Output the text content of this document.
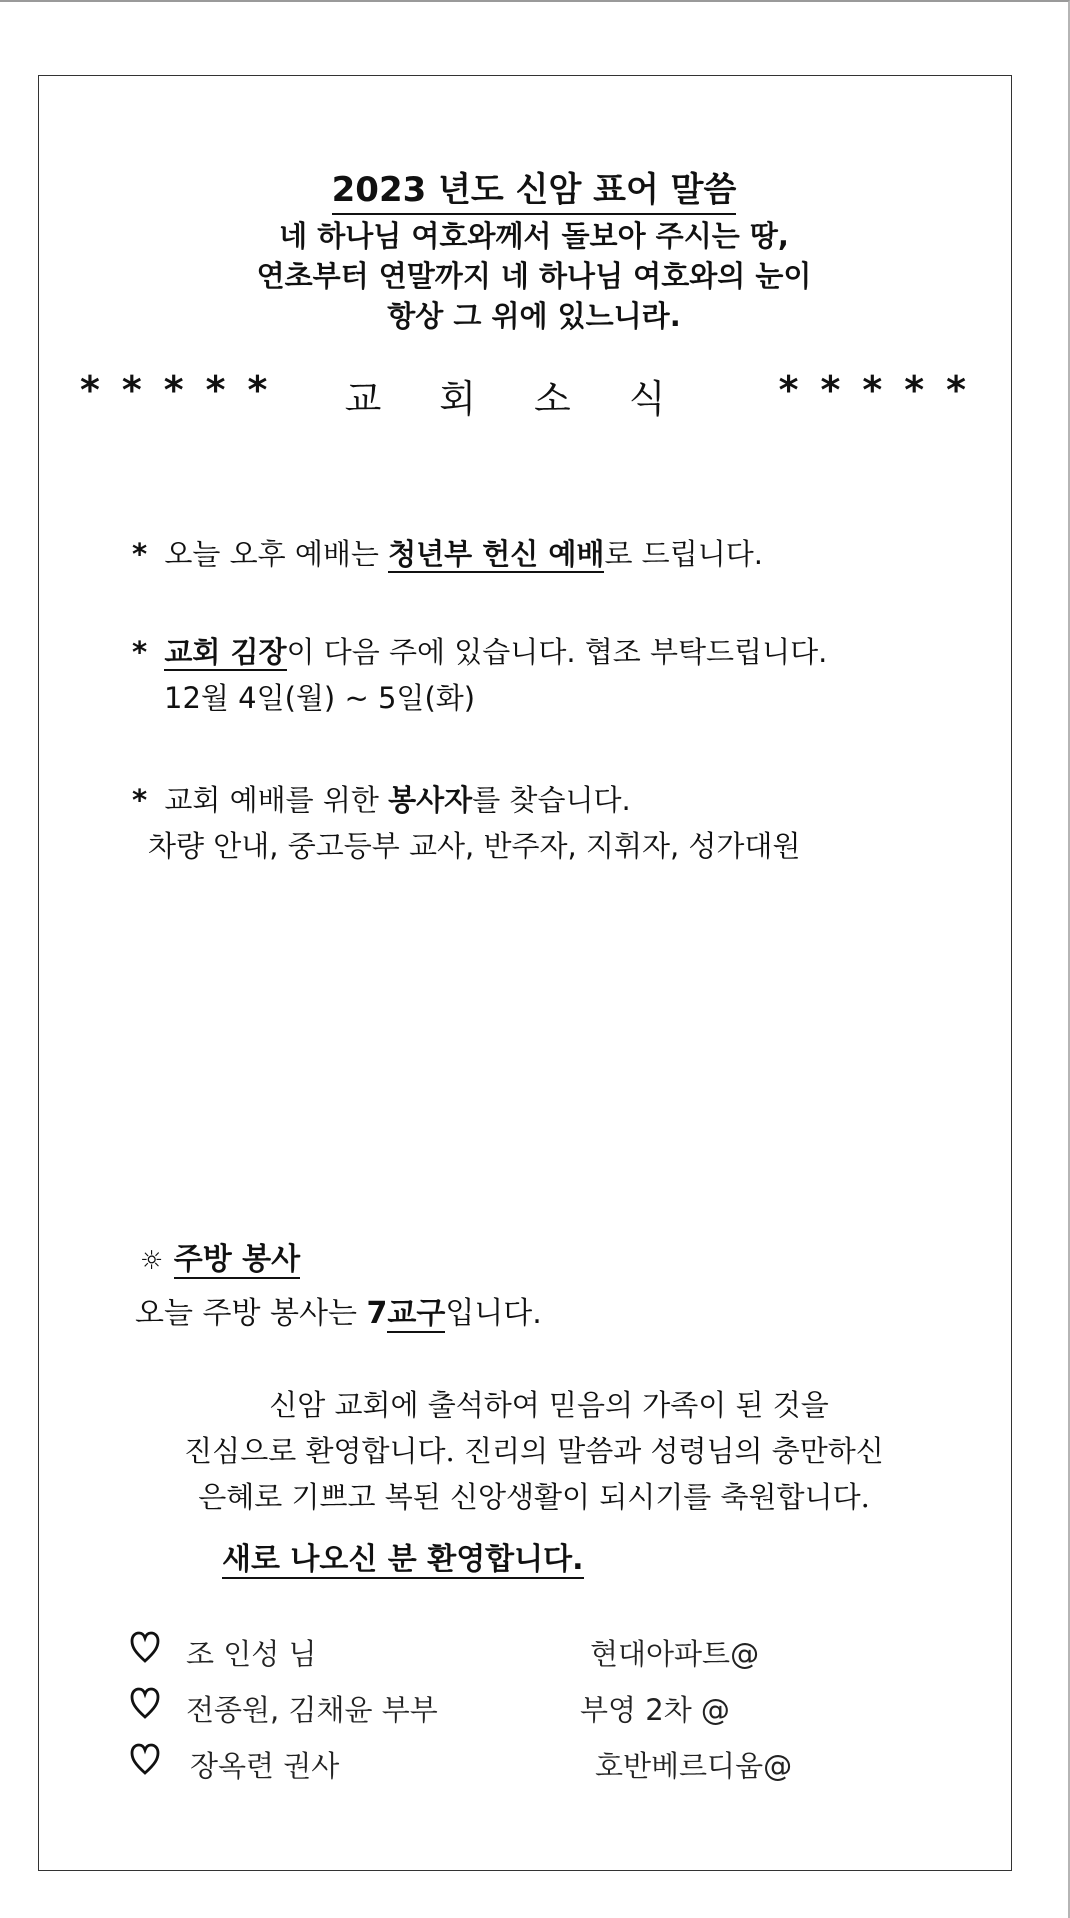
2023 년도 신암 표어 말씀
네 하나님 여호와께서 돌보아 주시는 땅,
연초부터 연말까지 네 하나님 여호와의 눈이
항상 그 위에 있느니라.
***** 교회소식 *****
* 오늘 오후 예배는 청년부 헌신 예배로 드립니다.
* 교회 김장이 다음 주에 있습니다. 협조 부탁드립니다.
12월 4일(월) ~ 5일(화)
* 교회 예배를 위한 봉사자를 찾습니다.
차량 안내, 중고등부 교사, 반주자, 지휘자, 성가대원
☼ 주방 봉사
오늘 주방 봉사는 7교구입니다.
신암 교회에 출석하여 믿음의 가족이 된 것을
진심으로 환영합니다. 진리의 말씀과 성령님의 충만하신
은혜로 기쁘고 복된 신앙생활이 되시기를 축원합니다.
새로 나오신 분 환영합니다.
조 인성 님	현대아파트@
전종원, 김채윤 부부	부영 2차 @
장옥련 권사	호반베르디움@
